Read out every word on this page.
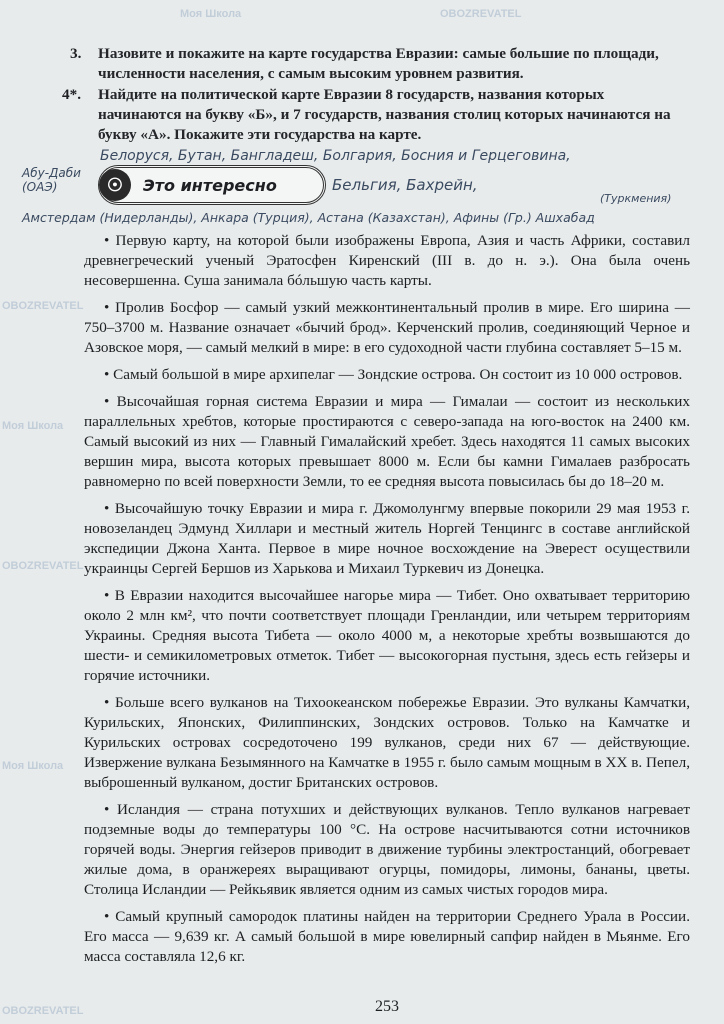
3. Назовите и покажите на карте государства Евразии: самые большие по площади, численности населения, с самым высоким уровнем развития.

4*. Найдите на политической карте Евразии 8 государств, названия которых начинаются на букву «Б», и 7 государств, названия столиц которых начинаются на букву «А». Покажите эти государства на карте.

Белоруся, Бутан, Бангладеш, Болгария, Босния и Герцеговина,
Абу-Даби (ОАЭ)	☉	Это интересно	Бельгия, Бахрейн,
(Туркмения)
Амстердам (Нидерланды), Анкара (Турция), Астана (Казахстан), Афины (Гр.) Ашхабад

• Первую карту, на которой были изображены Европа, Азия и часть Африки, составил древнегреческий ученый Эратосфен Киренский (III в. до н. э.). Она была очень несовершенна. Суша занимала бóльшую часть карты.

• Пролив Босфор — самый узкий межконтинентальный пролив в мире. Его ширина — 750–3700 м. Название означает «бычий брод». Керченский пролив, соединяющий Черное и Азовское моря, — самый мелкий в мире: в его судоходной части глубина составляет 5–15 м.

• Самый большой в мире архипелаг — Зондские острова. Он состоит из 10 000 островов.

• Высочайшая горная система Евразии и мира — Гималаи — состоит из нескольких параллельных хребтов, которые простираются с северо-запада на юго-восток на 2400 км. Самый высокий из них — Главный Гималайский хребет. Здесь находятся 11 самых высоких вершин мира, высота которых превышает 8000 м. Если бы камни Гималаев разбросать равномерно по всей поверхности Земли, то ее средняя высота повысилась бы до 18–20 м.

• Высочайшую точку Евразии и мира г. Джомолунгму впервые покорили 29 мая 1953 г. новозеландец Эдмунд Хиллари и местный житель Норгей Тенцингс в составе английской экспедиции Джона Ханта. Первое в мире ночное восхождение на Эверест осуществили украинцы Сергей Бершов из Харькова и Михаил Туркевич из Донецка.

• В Евразии находится высочайшее нагорье мира — Тибет. Оно охватывает территорию около 2 млн км², что почти соответствует площади Гренландии, или четырем территориям Украины. Средняя высота Тибета — около 4000 м, а некоторые хребты возвышаются до шести- и семикилометровых отметок. Тибет — высокогорная пустыня, здесь есть гейзеры и горячие источники.

• Больше всего вулканов на Тихоокеанском побережье Евразии. Это вулканы Камчатки, Курильских, Японских, Филиппинских, Зондских островов. Только на Камчатке и Курильских островах сосредоточено 199 вулканов, среди них 67 — действующие. Извержение вулкана Безымянного на Камчатке в 1955 г. было самым мощным в XX в. Пепел, выброшенный вулканом, достиг Британских островов.

• Исландия — страна потухших и действующих вулканов. Теплo вулканов нагревает подземные воды до температуры 100 °С. На острове насчитываются сотни источников горячей воды. Энергия гейзеров приводит в движение турбины электростанций, обогревает жилые дома, в оранжереях выращивают огурцы, помидоры, лимоны, бананы, цветы. Столица Исландии — Рейкьявик является одним из самых чистых городов мира.

• Самый крупный самородок платины найден на территории Среднего Урала в России. Его масса — 9,639 кг. А самый большой в мире ювелирный сапфир найден в Мьянме. Его масса составляла 12,6 кг.

253
Моя Школа	OBOZREVATEL
OBOZREVATEL
Моя Школа
OBOZREVATEL
Моя Школа
OBOZREVATEL
